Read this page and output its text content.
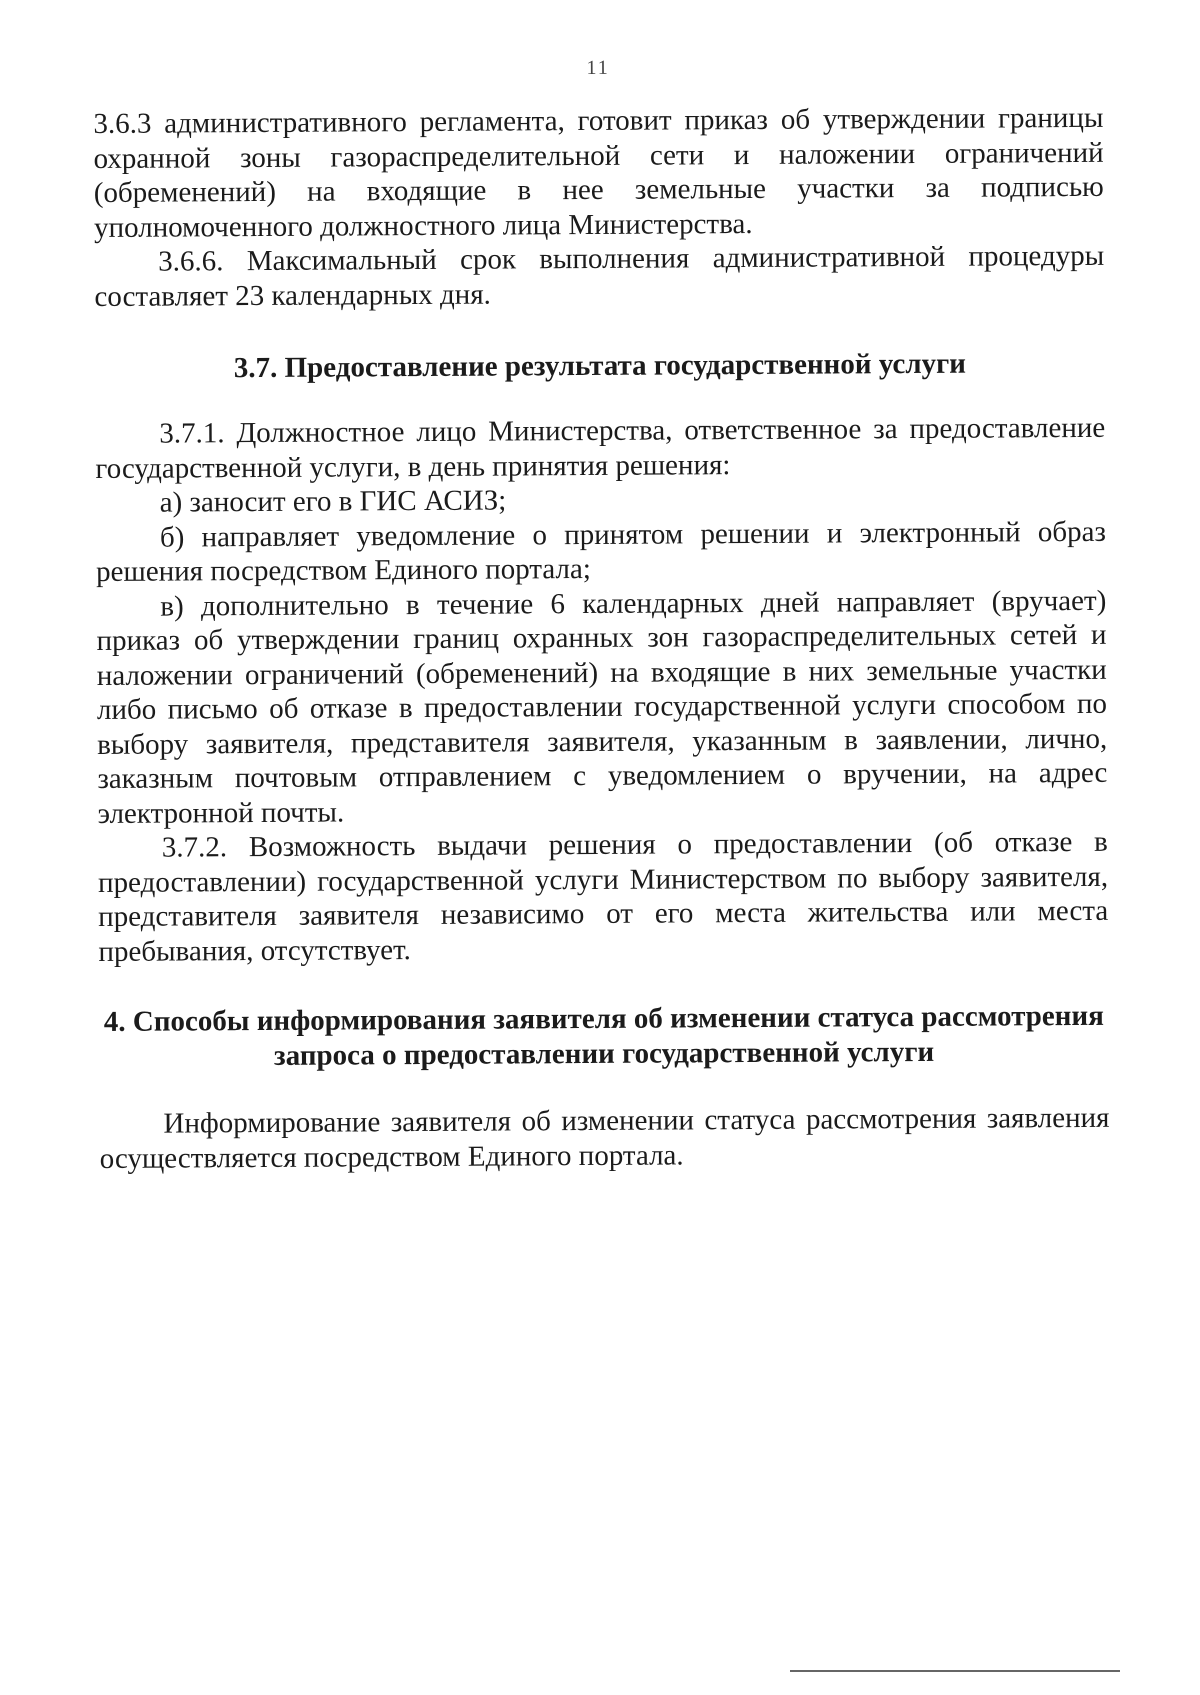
11

3.6.3 административного регламента, готовит приказ об утверждении границы охранной зоны газораспределительной сети и наложении ограничений (обременений) на входящие в нее земельные участки за подписью уполномоченного должностного лица Министерства.

3.6.6. Максимальный срок выполнения административной процедуры составляет 23 календарных дня.

3.7. Предоставление результата государственной услуги

3.7.1. Должностное лицо Министерства, ответственное за предоставление государственной услуги, в день принятия решения:

а) заносит его в ГИС АСИЗ;

б) направляет уведомление о принятом решении и электронный образ решения посредством Единого портала;

в) дополнительно в течение 6 календарных дней направляет (вручает) приказ об утверждении границ охранных зон газораспределительных сетей и наложении ограничений (обременений) на входящие в них земельные участки либо письмо об отказе в предоставлении государственной услуги способом по выбору заявителя, представителя заявителя, указанным в заявлении, лично, заказным почтовым отправлением с уведомлением о вручении, на адрес электронной почты.

3.7.2. Возможность выдачи решения о предоставлении (об отказе в предоставлении) государственной услуги Министерством по выбору заявителя, представителя заявителя независимо от его места жительства или места пребывания, отсутствует.

4. Способы информирования заявителя об изменении статуса рассмотрения
запроса о предоставлении государственной услуги

Информирование заявителя об изменении статуса рассмотрения заявления осуществляется посредством Единого портала.
